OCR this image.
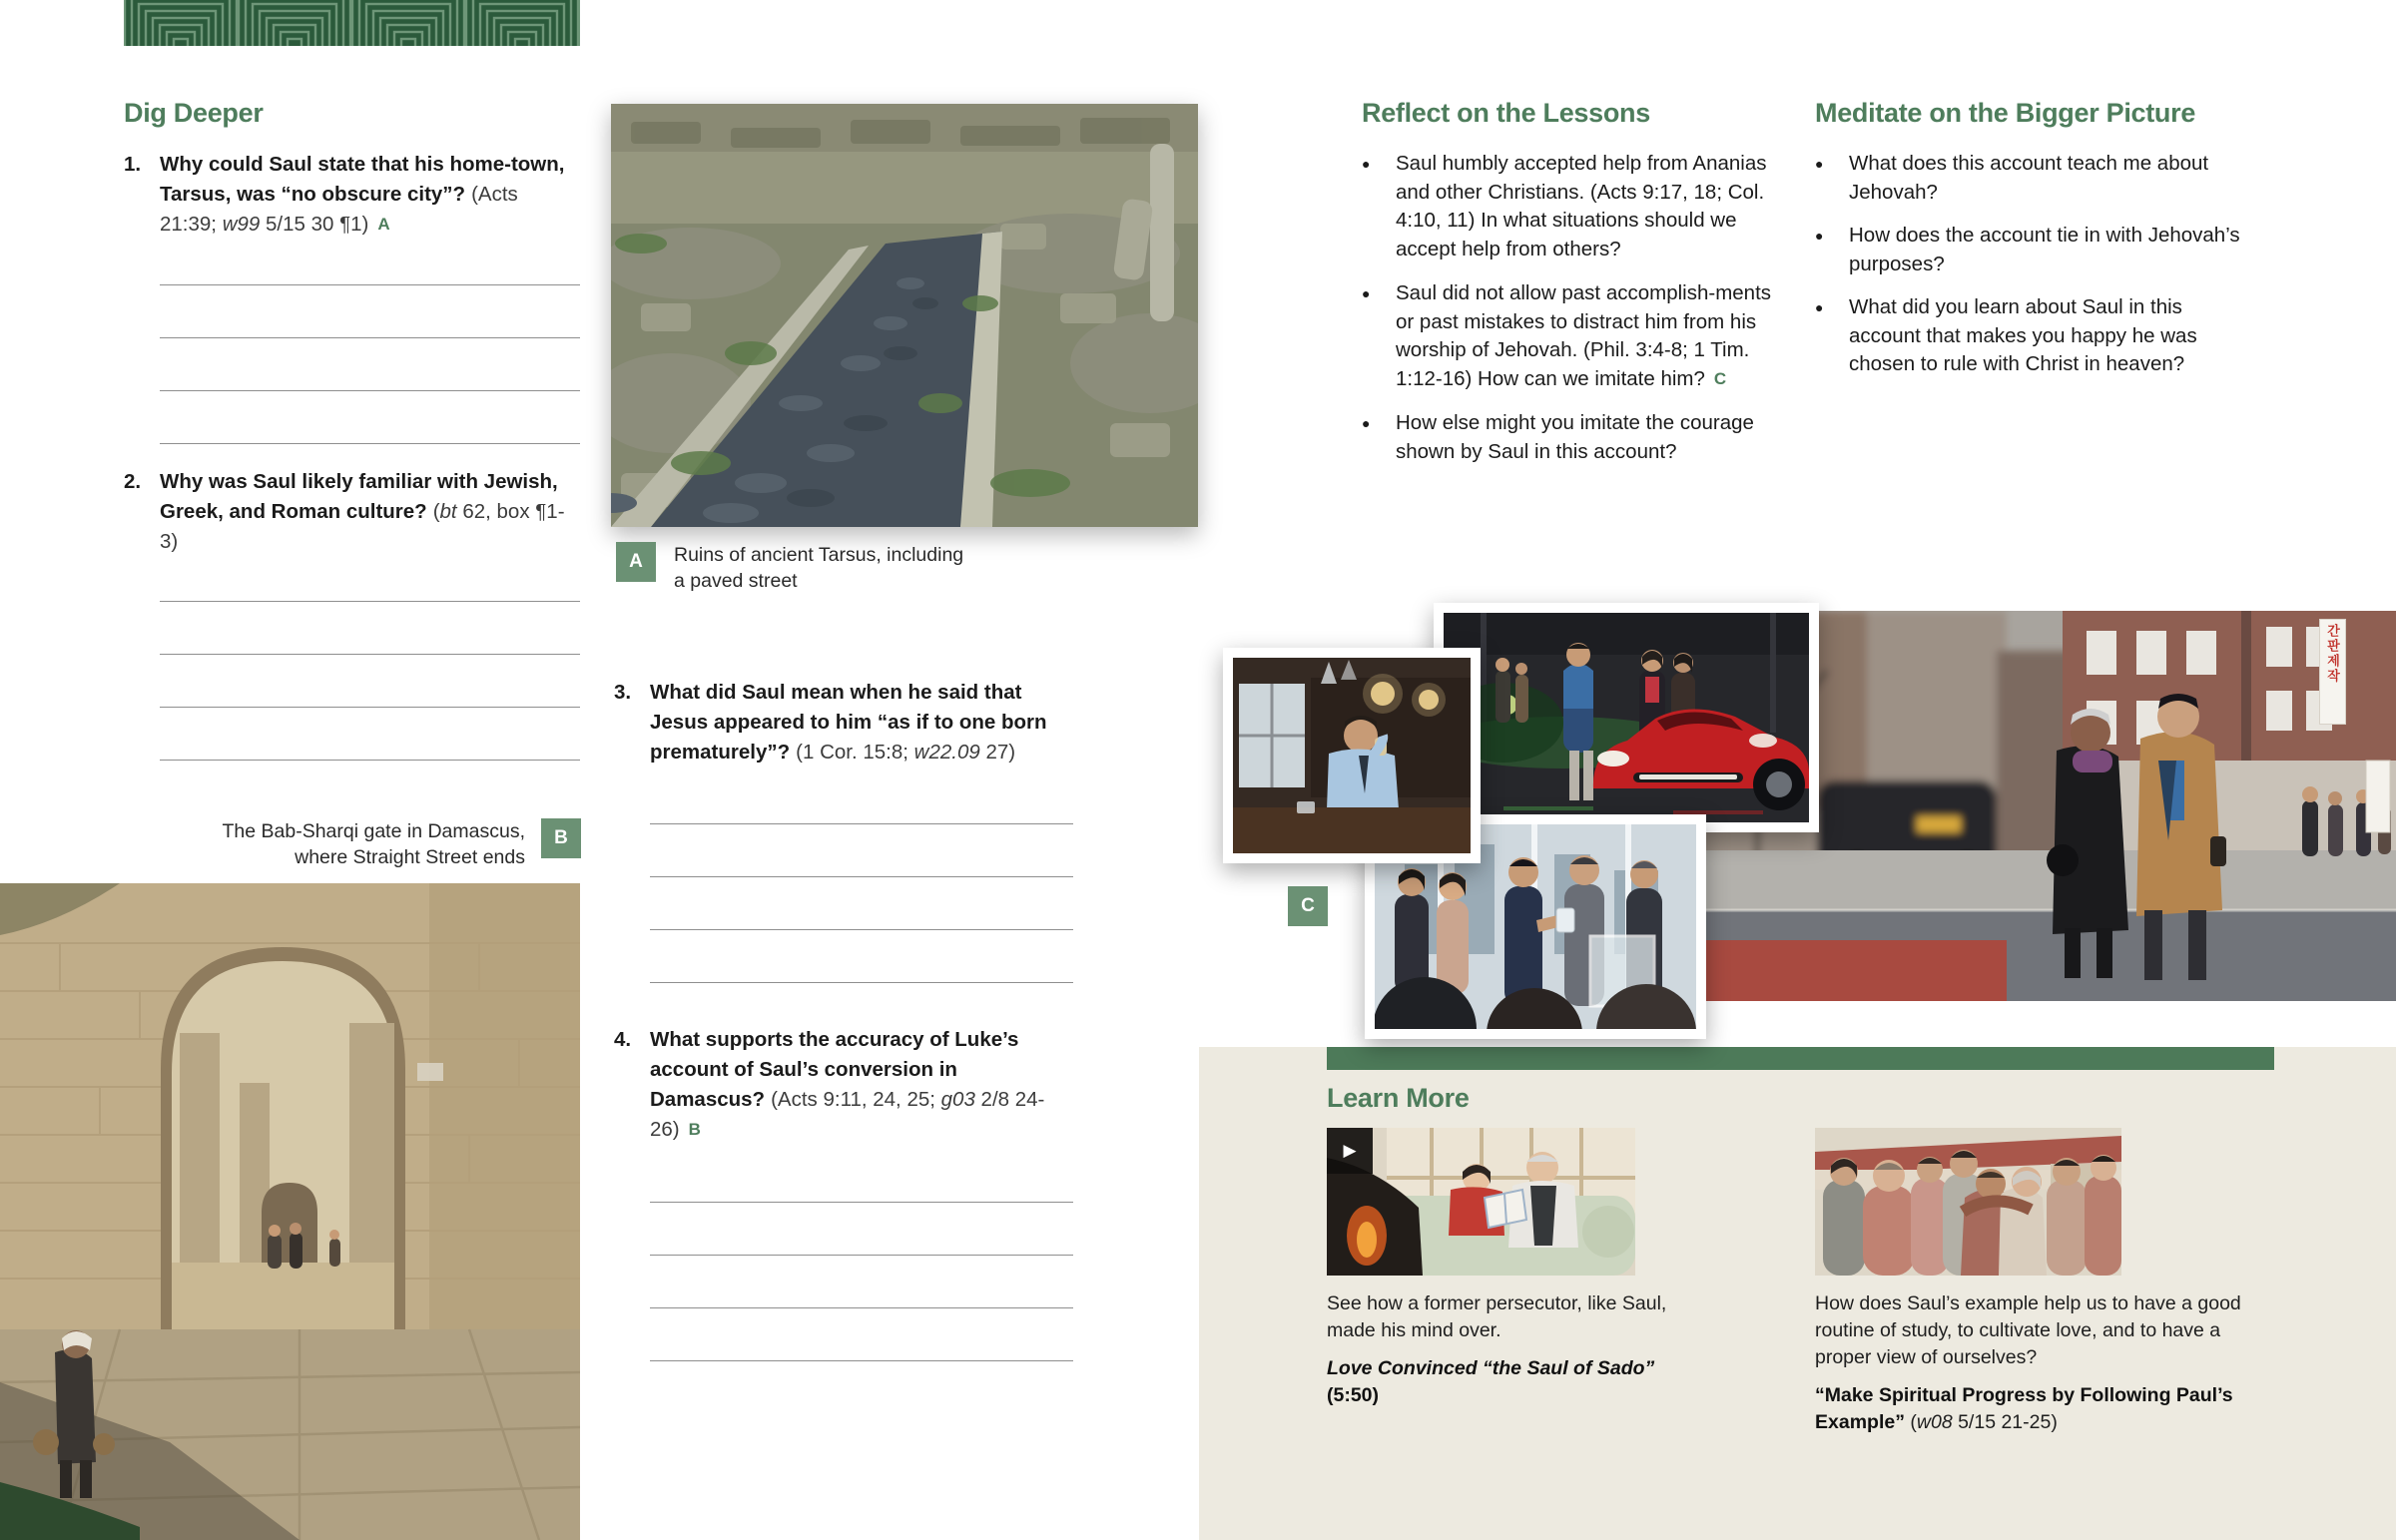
Dig Deeper
1. Why could Saul state that his home-town, Tarsus, was “no obscure city”? (Acts 21:39; w99 5/15 30 ¶1) A
2. Why was Saul likely familiar with Jewish, Greek, and Roman culture? (bt 62, box ¶1-3)
The Bab-Sharqi gate in Damascus,
where Straight Street ends
B
A	Ruins of ancient Tarsus, including
a paved street
3. What did Saul mean when he said that Jesus appeared to him “as if to one born prematurely”? (1 Cor. 15:8; w22.09 27)
4. What supports the accuracy of Luke’s account of Saul’s conversion in Damascus? (Acts 9:11, 24, 25; g03 2/8 24-26) B
Reflect on the Lessons
●	Saul humbly accepted help from Ananias and other Christians. (Acts 9:17, 18; Col. 4:10, 11) In what situations should we accept help from others?

●	Saul did not allow past accomplish-ments or past mistakes to distract him from his worship of Jehovah. (Phil. 3:4-8; 1 Tim. 1:12-16) How can we imitate him? C

●	How else might you imitate the courage shown by Saul in this account?

Meditate on the Bigger Picture
●	What does this account teach me about Jehovah?

●	How does the account tie in with Jehovah’s purposes?

●	What did you learn about Saul in this account that makes you happy he was chosen to rule with Christ in heaven?

간판제작
C
Learn More
▶

See how a former persecutor, like Saul, made his mind over.

Love Convinced “the Saul of Sado”

(5:50)

How does Saul’s example help us to have a good routine of study, to cultivate love, and to have a proper view of ourselves?

“Make Spiritual Progress by Following Paul’s Example” (w08 5/15 21-25)
